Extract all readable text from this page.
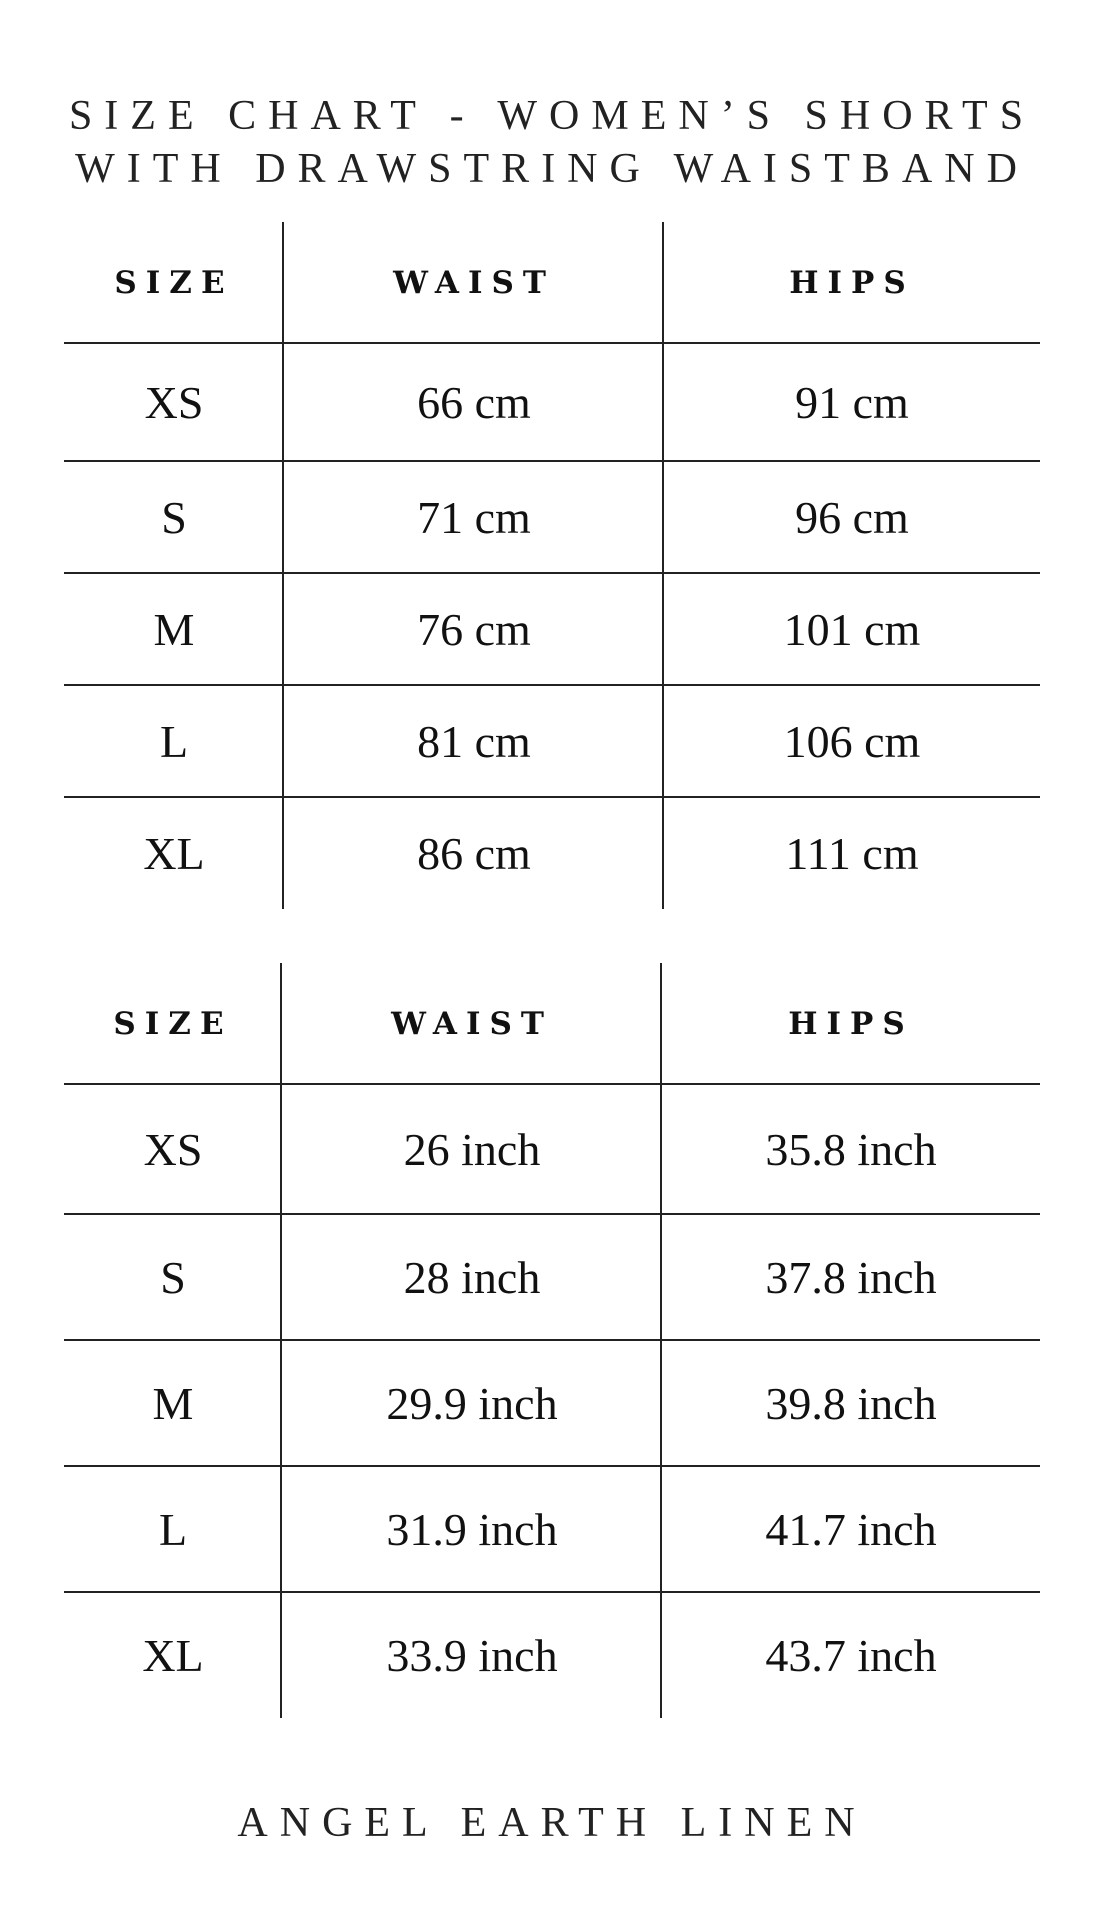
SIZE CHART - WOMEN’S SHORTS
WITH DRAWSTRING WAISTBAND
SIZE	WAIST	HIPS
XS	66 cm	91 cm
S	71 cm	96 cm
M	76 cm	101 cm
L	81 cm	106 cm
XL	86 cm	111 cm
SIZE	WAIST	HIPS
XS	26 inch	35.8 inch
S	28 inch	37.8 inch
M	29.9 inch	39.8 inch
L	31.9 inch	41.7 inch
XL	33.9 inch	43.7 inch
ANGEL EARTH LINEN
